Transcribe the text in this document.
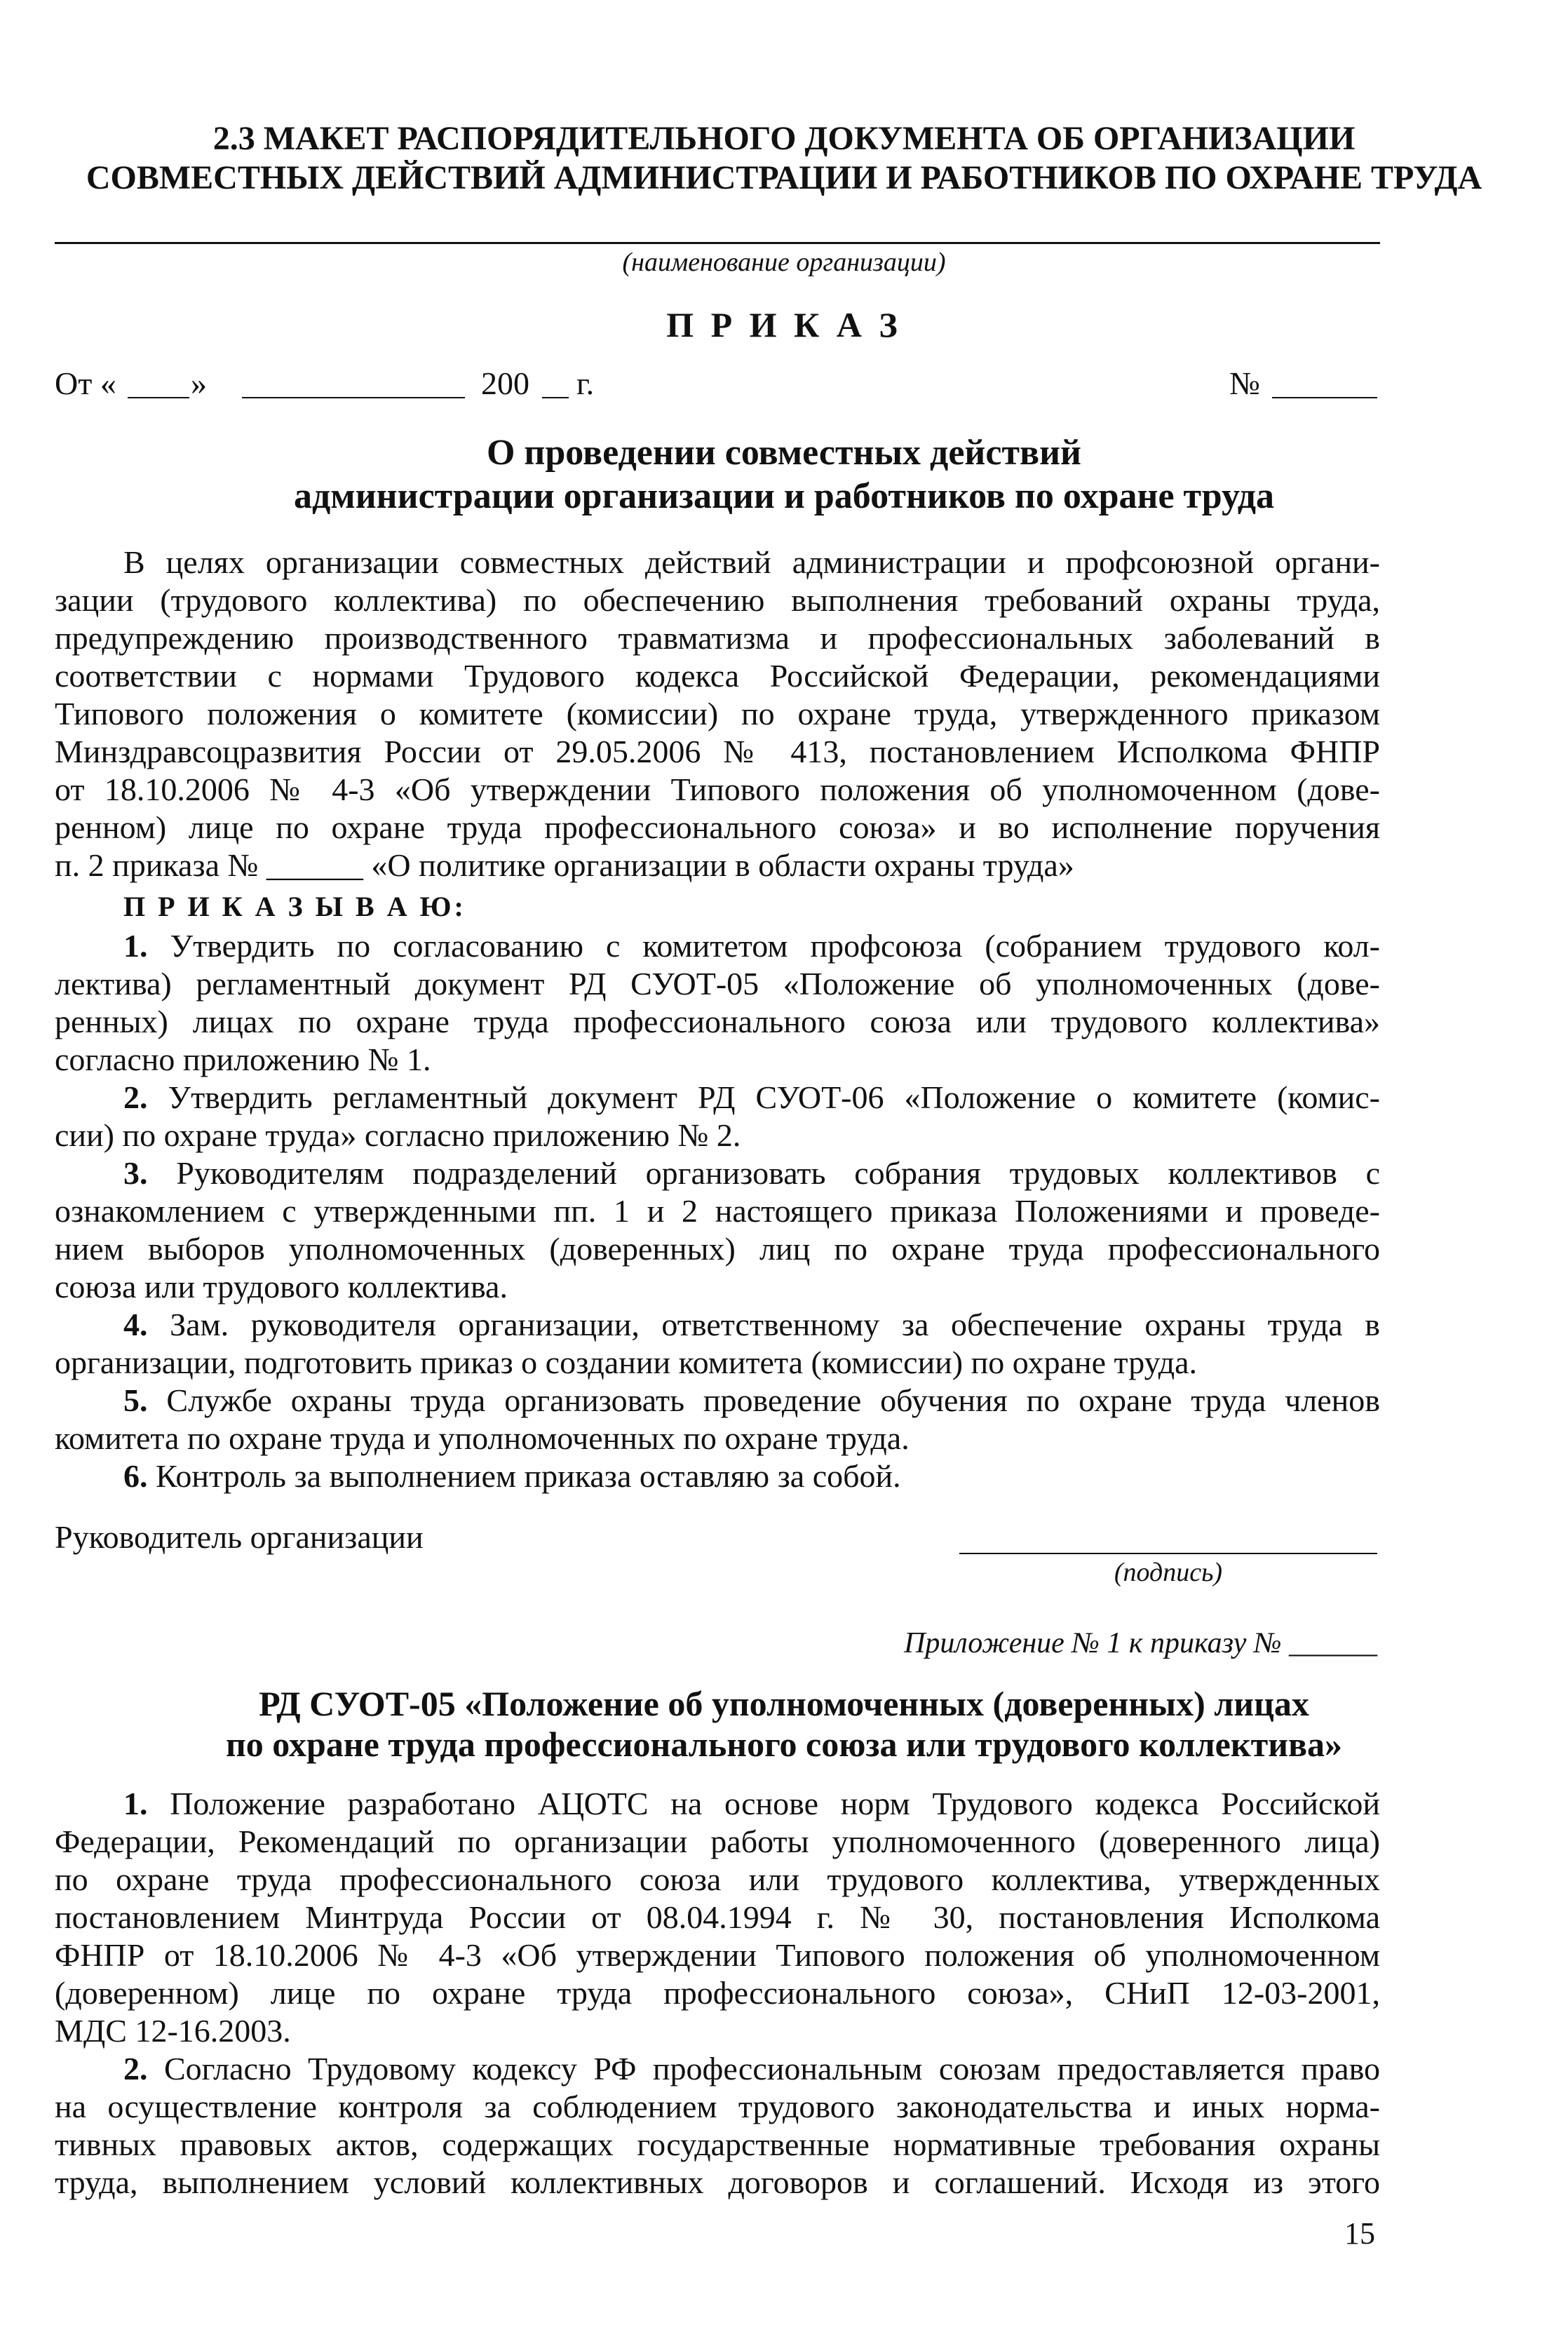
2.3 МАКЕТ РАСПОРЯДИТЕЛЬНОГО ДОКУМЕНТА ОБ ОРГАНИЗАЦИИ
СОВМЕСТНЫХ ДЕЙСТВИЙ АДМИНИСТРАЦИИ И РАБОТНИКОВ ПО ОХРАНЕ ТРУДА
(наименование организации)
П Р И К А З
От « »	200 г.	№
О проведении совместных действий
администрации организации и работников по охране труда
В целях организации совместных действий администрации и профсоюзной органи-
зации (трудового коллектива) по обеспечению выполнения требований охраны труда,
предупреждению производственного травматизма и профессиональных заболеваний в
соответствии с нормами Трудового кодекса Российской Федерации, рекомендациями
Типового положения о комитете (комиссии) по охране труда, утвержденного приказом
Минздравсоцразвития России от 29.05.2006 № 413, постановлением Исполкома ФНПР
от 18.10.2006 № 4-3 «Об утверждении Типового положения об уполномоченном (дове-
ренном) лице по охране труда профессионального союза» и во исполнение поручения
п. 2 приказа № ______ «О политике организации в области охраны труда»
П Р И К А З Ы В А Ю:
1. Утвердить по согласованию с комитетом профсоюза (собранием трудового кол-
лектива) регламентный документ РД СУОТ-05 «Положение об уполномоченных (дове-
ренных) лицах по охране труда профессионального союза или трудового коллектива»
согласно приложению № 1.
2. Утвердить регламентный документ РД СУОТ-06 «Положение о комитете (комис-
сии) по охране труда» согласно приложению № 2.
3. Руководителям подразделений организовать собрания трудовых коллективов с
ознакомлением с утвержденными пп. 1 и 2 настоящего приказа Положениями и проведе-
нием выборов уполномоченных (доверенных) лиц по охране труда профессионального
союза или трудового коллектива.
4. Зам. руководителя организации, ответственному за обеспечение охраны труда в
организации, подготовить приказ о создании комитета (комиссии) по охране труда.
5. Службе охраны труда организовать проведение обучения по охране труда членов
комитета по охране труда и уполномоченных по охране труда.
6. Контроль за выполнением приказа оставляю за собой.
Руководитель организации
(подпись)
Приложение № 1 к приказу № ______
РД СУОТ-05 «Положение об уполномоченных (доверенных) лицах
по охране труда профессионального союза или трудового коллектива»
1. Положение разработано АЦОТС на основе норм Трудового кодекса Российской
Федерации, Рекомендаций по организации работы уполномоченного (доверенного лица)
по охране труда профессионального союза или трудового коллектива, утвержденных
постановлением Минтруда России от 08.04.1994 г. № 30, постановления Исполкома
ФНПР от 18.10.2006 № 4-3 «Об утверждении Типового положения об уполномоченном
(доверенном) лице по охране труда профессионального союза», СНиП 12-03-2001,
МДС 12-16.2003.
2. Согласно Трудовому кодексу РФ профессиональным союзам предоставляется право
на осуществление контроля за соблюдением трудового законодательства и иных норма-
тивных правовых актов, содержащих государственные нормативные требования охраны
труда, выполнением условий коллективных договоров и соглашений. Исходя из этого
15
